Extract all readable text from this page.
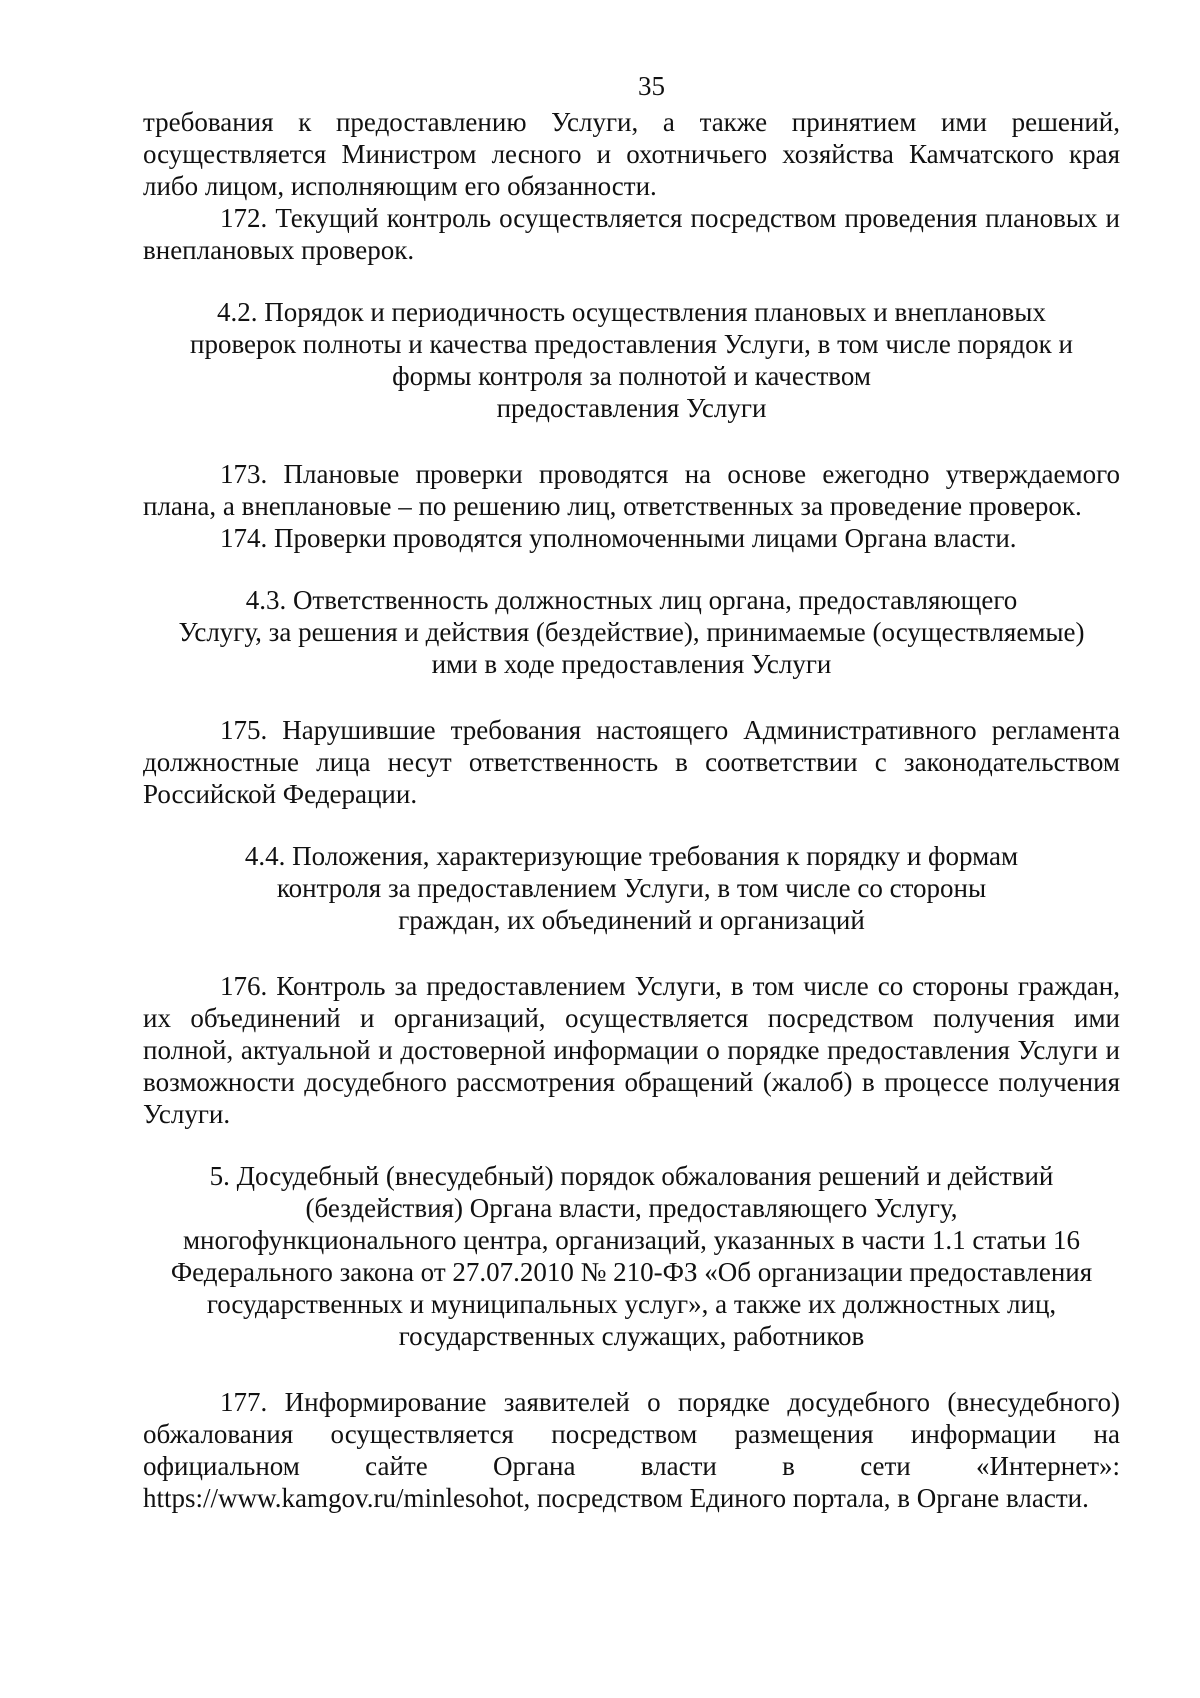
35

требования к предоставлению Услуги, а также принятием ими решений, осуществляется Министром лесного и охотничьего хозяйства Камчатского края либо лицом, исполняющим его обязанности.

172. Текущий контроль осуществляется посредством проведения плановых и внеплановых проверок.

4.2. Порядок и периодичность осуществления плановых и внеплановых
проверок полноты и качества предоставления Услуги, в том числе порядок и
формы контроля за полнотой и качеством
предоставления Услуги

173. Плановые проверки проводятся на основе ежегодно утверждаемого плана, а внеплановые – по решению лиц, ответственных за проведение проверок.

174. Проверки проводятся уполномоченными лицами Органа власти.

4.3. Ответственность должностных лиц органа, предоставляющего
Услугу, за решения и действия (бездействие), принимаемые (осуществляемые)
ими в ходе предоставления Услуги

175. Нарушившие требования настоящего Административного регламента должностные лица несут ответственность в соответствии с законодательством Российской Федерации.

4.4. Положения, характеризующие требования к порядку и формам
контроля за предоставлением Услуги, в том числе со стороны
граждан, их объединений и организаций

176. Контроль за предоставлением Услуги, в том числе со стороны граждан, их объединений и организаций, осуществляется посредством получения ими полной, актуальной и достоверной информации о порядке предоставления Услуги и возможности досудебного рассмотрения обращений (жалоб) в процессе получения Услуги.

5. Досудебный (внесудебный) порядок обжалования решений и действий
(бездействия) Органа власти, предоставляющего Услугу,
многофункционального центра, организаций, указанных в части 1.1 статьи 16
Федерального закона от 27.07.2010 № 210-ФЗ «Об организации предоставления
государственных и муниципальных услуг», а также их должностных лиц,
государственных служащих, работников

177. Информирование заявителей о порядке досудебного (внесудебного) обжалования осуществляется посредством размещения информации на официальном сайте Органа власти в сети «Интернет»: https://www.kamgov.ru/minlesohot, посредством Единого портала, в Органе власти.
